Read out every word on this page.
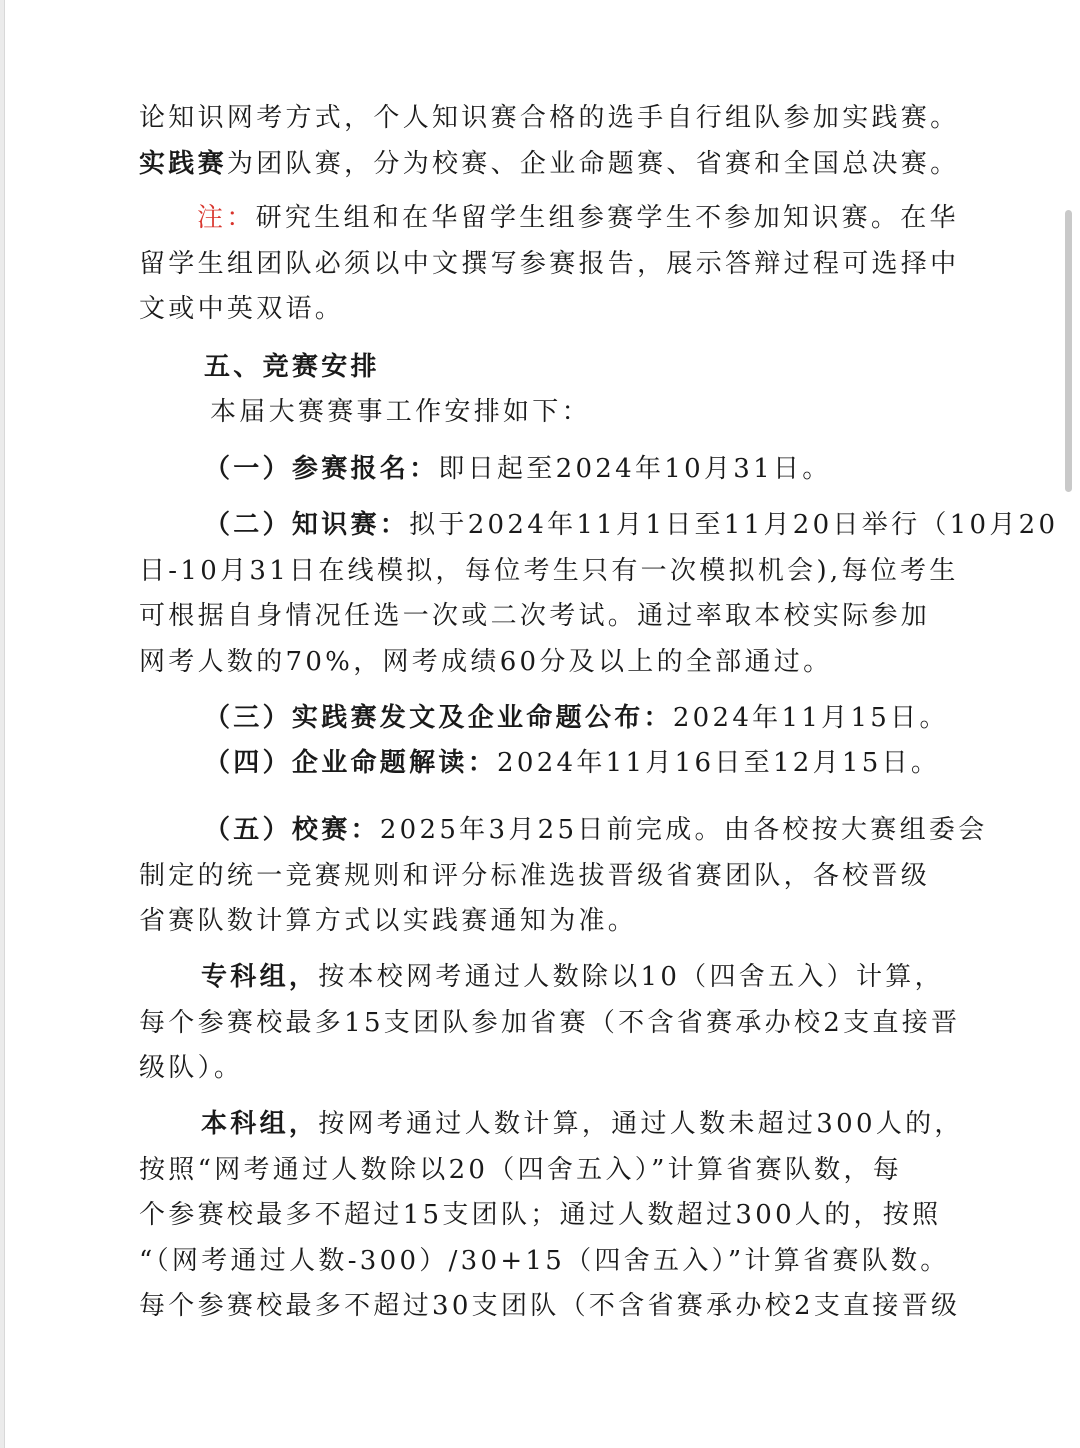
论知识网考方式，个人知识赛合格的选手自行组队参加实践赛。
实践赛为团队赛，分为校赛、企业命题赛、省赛和全国总决赛。
注：研究生组和在华留学生组参赛学生不参加知识赛。在华
留学生组团队必须以中文撰写参赛报告，展示答辩过程可选择中
文或中英双语。
五、竞赛安排
本届大赛赛事工作安排如下：
（一）参赛报名：即日起至2024年10月31日。
（二）知识赛：拟于2024年11月1日至11月20日举行（10月20
日-10月31日在线模拟，每位考生只有一次模拟机会),每位考生
可根据自身情况任选一次或二次考试。通过率取本校实际参加
网考人数的70%，网考成绩60分及以上的全部通过。
（三）实践赛发文及企业命题公布：2024年11月15日。
（四）企业命题解读：2024年11月16日至12月15日。
（五）校赛：2025年3月25日前完成。由各校按大赛组委会
制定的统一竞赛规则和评分标准选拔晋级省赛团队，各校晋级
省赛队数计算方式以实践赛通知为准。
专科组，按本校网考通过人数除以10（四舍五入）计算，
每个参赛校最多15支团队参加省赛（不含省赛承办校2支直接晋
级队）。
本科组，按网考通过人数计算，通过人数未超过300人的，
按照“网考通过人数除以20（四舍五入）”计算省赛队数，每
个参赛校最多不超过15支团队；通过人数超过300人的，按照
“（网考通过人数-300）/30+15（四舍五入）”计算省赛队数。
每个参赛校最多不超过30支团队（不含省赛承办校2支直接晋级
